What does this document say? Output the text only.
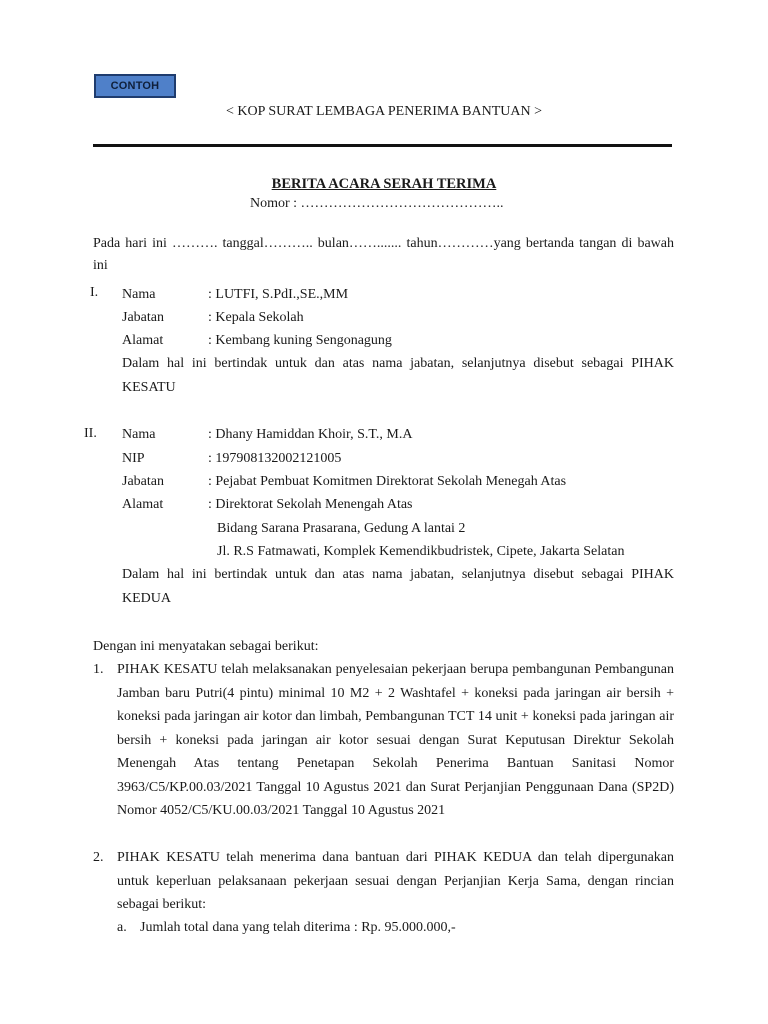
CONTOH
< KOP SURAT LEMBAGA PENERIMA BANTUAN >
BERITA ACARA SERAH TERIMA
Nomor : ……………………………………..
Pada hari ini ………. tanggal……….. bulan……....... tahun…………yang bertanda tangan di bawah ini
I. Nama	: LUTFI, S.PdI.,SE.,MM
Jabatan	: Kepala Sekolah
Alamat	: Kembang kuning Sengonagung
Dalam hal ini bertindak untuk dan atas nama jabatan, selanjutnya disebut sebagai PIHAK KESATU
II. Nama	: Dhany Hamiddan Khoir, S.T., M.A
NIP	: 197908132002121005
Jabatan	: Pejabat Pembuat Komitmen Direktorat Sekolah Menegah Atas
Alamat	: Direktorat Sekolah Menengah Atas
Bidang Sarana Prasarana, Gedung A lantai 2
Jl. R.S Fatmawati, Komplek Kemendikbudristek, Cipete, Jakarta Selatan
Dalam hal ini bertindak untuk dan atas nama jabatan, selanjutnya disebut sebagai PIHAK KEDUA
Dengan ini menyatakan sebagai berikut:
1. PIHAK KESATU telah melaksanakan penyelesaian pekerjaan berupa pembangunan Pembangunan Jamban baru Putri(4 pintu) minimal 10 M2 + 2 Washtafel + koneksi pada jaringan air bersih + koneksi pada jaringan air kotor dan limbah, Pembangunan TCT 14 unit + koneksi pada jaringan air bersih + koneksi pada jaringan air kotor sesuai dengan Surat Keputusan Direktur Sekolah Menengah Atas tentang Penetapan Sekolah Penerima Bantuan Sanitasi Nomor 3963/C5/KP.00.03/2021 Tanggal 10 Agustus 2021 dan Surat Perjanjian Penggunaan Dana (SP2D) Nomor 4052/C5/KU.00.03/2021 Tanggal 10 Agustus 2021
2. PIHAK KESATU telah menerima dana bantuan dari PIHAK KEDUA dan telah dipergunakan untuk keperluan pelaksanaan pekerjaan sesuai dengan Perjanjian Kerja Sama, dengan rincian sebagai berikut:
a. Jumlah total dana yang telah diterima : Rp. 95.000.000,-
